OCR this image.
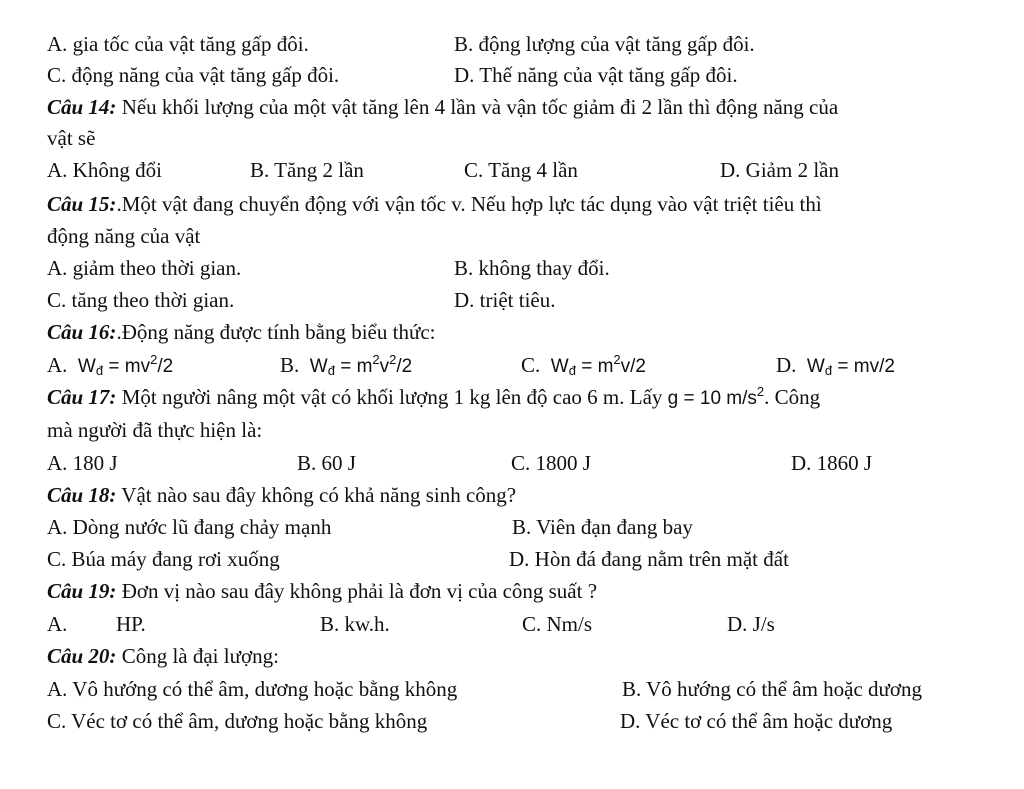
A. gia tốc của vật tăng gấp đôi.	B. động lượng của vật tăng gấp đôi.
C. động năng của vật tăng gấp đôi.	D. Thế năng của vật tăng gấp đôi.
Câu 14: Nếu khối lượng của một vật tăng lên 4 lần và vận tốc giảm đi 2 lần thì động năng của
vật sẽ
A. Không đổi	B. Tăng 2 lần	C. Tăng 4 lần	D. Giảm 2 lần
Câu 15:.Một vật đang chuyển động với vận tốc v. Nếu hợp lực tác dụng vào vật triệt tiêu thì
động năng của vật
A. giảm theo thời gian.	B. không thay đổi.
C. tăng theo thời gian.	D. triệt tiêu.
Câu 16:.Động năng được tính bằng biểu thức:
A. $W_đ = mv^2/2$	B. $W_đ = m^2v^2/2$	C. $W_đ = m^2v/2$	D. $W_đ = mv/2$
Câu 17: Một người nâng một vật có khối lượng 1 kg lên độ cao 6 m. Lấy g = 10 $m/s^2$. Công
mà người đã thực hiện là:
A. 180 J	B. 60 J	C. 1800 J	D. 1860 J
Câu 18: Vật nào sau đây không có khả năng sinh công?
A. Dòng nước lũ đang chảy mạnh	B. Viên đạn đang bay
C. Búa máy đang rơi xuống	D. Hòn đá đang nằm trên mặt đất
Câu 19: Đơn vị nào sau đây không phải là đơn vị của công suất ?
A. HP.	B. kw.h.	C. Nm/s	D. J/s
Câu 20: Công là đại lượng:
A. Vô hướng có thể âm, dương hoặc bằng không	B. Vô hướng có thể âm hoặc dương
C. Véc tơ có thể âm, dương hoặc bằng không	D. Véc tơ có thể âm hoặc dương
